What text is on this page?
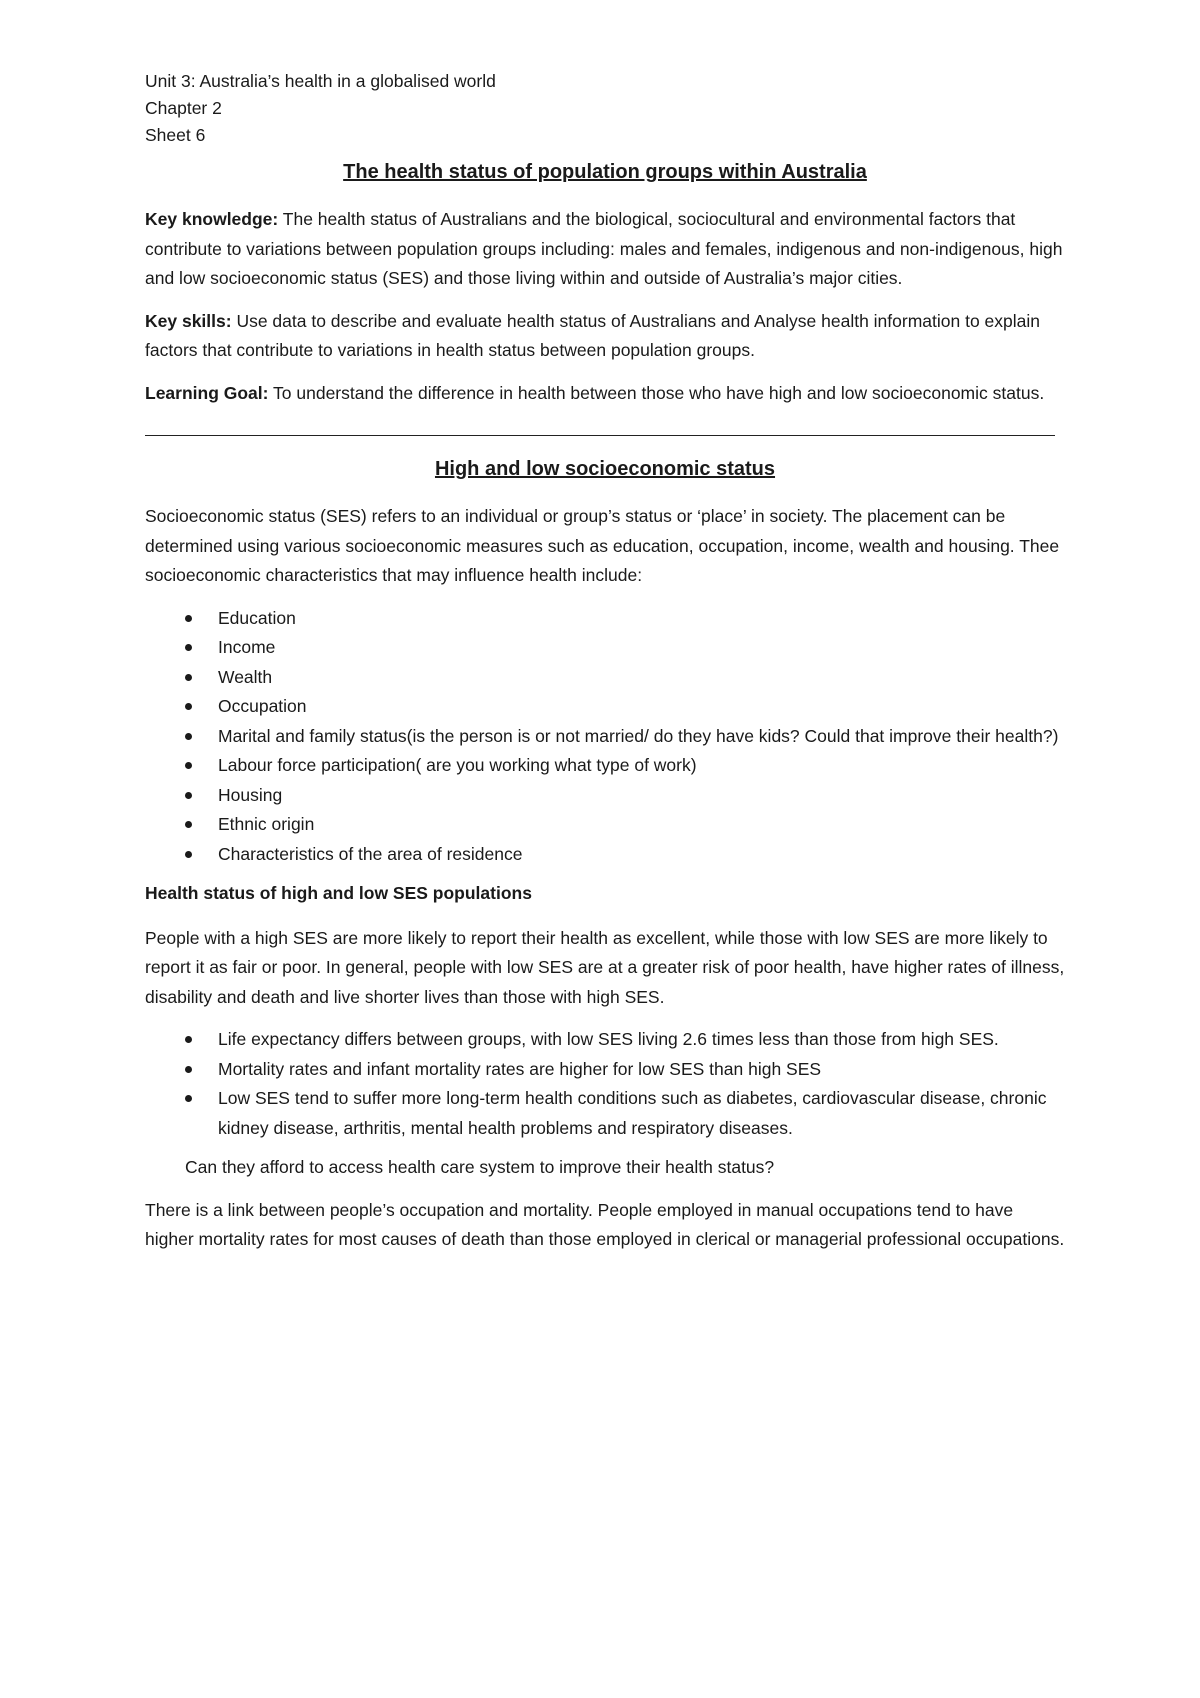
Unit 3: Australia’s health in a globalised world

Chapter 2

Sheet 6

The health status of population groups within Australia

Key knowledge: The health status of Australians and the biological, sociocultural and environmental factors that contribute to variations between population groups including: males and females, indigenous and non-indigenous, high and low socioeconomic status (SES) and those living within and outside of Australia’s major cities.

Key skills: Use data to describe and evaluate health status of Australians and Analyse health information to explain factors that contribute to variations in health status between population groups.

Learning Goal: To understand the difference in health between those who have high and low socioeconomic status.

High and low socioeconomic status

Socioeconomic status (SES) refers to an individual or group’s status or ‘place’ in society. The placement can be determined using various socioeconomic measures such as education, occupation, income, wealth and housing. Thee socioeconomic characteristics that may influence health include:

Education
Income
Wealth
Occupation
Marital and family status(is the person is or not married/ do they have kids? Could that improve their health?)
Labour force participation( are you working what type of work)
Housing
Ethnic origin
Characteristics of the area of residence

Health status of high and low SES populations

People with a high SES are more likely to report their health as excellent, while those with low SES are more likely to report it as fair or poor. In general, people with low SES are at a greater risk of poor health, have higher rates of illness, disability and death and live shorter lives than those with high SES.

Life expectancy differs between groups, with low SES living 2.6 times less than those from high SES.
Mortality rates and infant mortality rates are higher for low SES than high SES
Low SES tend to suffer more long-term health conditions such as diabetes, cardiovascular disease, chronic kidney disease, arthritis, mental health problems and respiratory diseases.

Can they afford to access health care system to improve their health status?

There is a link between people’s occupation and mortality. People employed in manual occupations tend to have higher mortality rates for most causes of death than those employed in clerical or managerial professional occupations.
